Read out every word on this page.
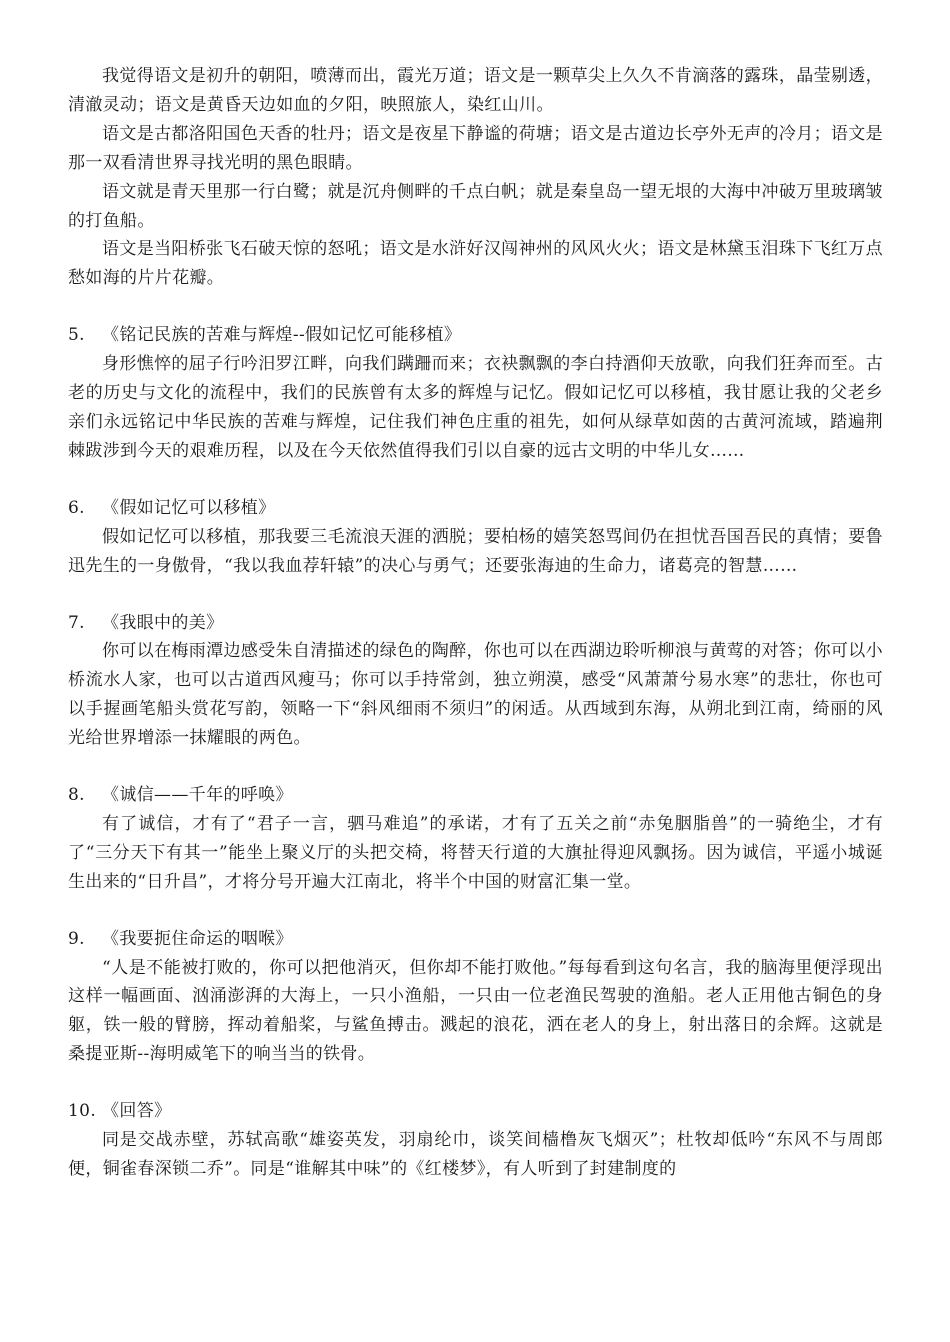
我觉得语文是初升的朝阳，喷薄而出，霞光万道；语文是一颗草尖上久久不肯滴落的露珠，晶莹剔透，清澈灵动；语文是黄昏天边如血的夕阳，映照旅人，染红山川。

语文是古都洛阳国色天香的牡丹；语文是夜星下静谧的荷塘；语文是古道边长亭外无声的冷月；语文是那一双看清世界寻找光明的黑色眼睛。

语文就是青天里那一行白鹭；就是沉舟侧畔的千点白帆；就是秦皇岛一望无垠的大海中冲破万里玻璃皱的打鱼船。

语文是当阳桥张飞石破天惊的怒吼；语文是水浒好汉闯神州的风风火火；语文是林黛玉泪珠下飞红万点愁如海的片片花瓣。

5. 《铭记民族的苦难与辉煌--假如记忆可能移植》

身形憔悴的屈子行吟汨罗江畔，向我们蹒跚而来；衣袂飘飘的李白持酒仰天放歌，向我们狂奔而至。古老的历史与文化的流程中，我们的民族曾有太多的辉煌与记忆。假如记忆可以移植，我甘愿让我的父老乡亲们永远铭记中华民族的苦难与辉煌，记住我们神色庄重的祖先，如何从绿草如茵的古黄河流域，踏遍荆棘跋涉到今天的艰难历程，以及在今天依然值得我们引以自豪的远古文明的中华儿女……

6. 《假如记忆可以移植》

假如记忆可以移植，那我要三毛流浪天涯的洒脱；要柏杨的嬉笑怒骂间仍在担忧吾国吾民的真情；要鲁迅先生的一身傲骨，“我以我血荐轩辕”的决心与勇气；还要张海迪的生命力，诸葛亮的智慧……

7. 《我眼中的美》

你可以在梅雨潭边感受朱自清描述的绿色的陶醉，你也可以在西湖边聆听柳浪与黄莺的对答；你可以小桥流水人家，也可以古道西风瘦马；你可以手持常剑，独立朔漠，感受“风萧萧兮易水寒”的悲壮，你也可以手握画笔船头赏花写韵，领略一下“斜风细雨不须归”的闲适。从西域到东海，从朔北到江南，绮丽的风光给世界增添一抹耀眼的两色。

8. 《诚信——千年的呼唤》

有了诚信，才有了“君子一言，驷马难追”的承诺，才有了五关之前“赤兔胭脂兽”的一骑绝尘，才有了“三分天下有其一”能坐上聚义厅的头把交椅，将替天行道的大旗扯得迎风飘扬。因为诚信，平遥小城诞生出来的“日升昌”，才将分号开遍大江南北，将半个中国的财富汇集一堂。

9. 《我要扼住命运的咽喉》

“人是不能被打败的，你可以把他消灭，但你却不能打败他。”每每看到这句名言，我的脑海里便浮现出这样一幅画面、汹涌澎湃的大海上，一只小渔船，一只由一位老渔民驾驶的渔船。老人正用他古铜色的身躯，铁一般的臂膀，挥动着船桨，与鲨鱼搏击。溅起的浪花，洒在老人的身上，射出落日的余辉。这就是桑提亚斯--海明威笔下的响当当的铁骨。

10. 《回答》

同是交战赤壁，苏轼高歌“雄姿英发，羽扇纶巾，谈笑间樯橹灰飞烟灭”；杜牧却低吟“东风不与周郎便，铜雀春深锁二乔”。同是“谁解其中味”的《红楼梦》，有人听到了封建制度的
